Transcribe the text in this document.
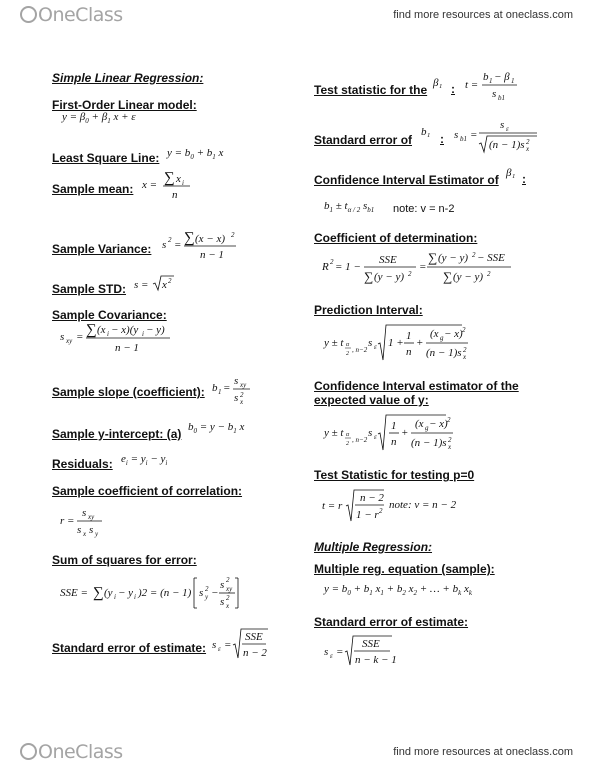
OneClass	find more resources at oneclass.com
Simple Linear Regression:
First-Order Linear model:
$y = \beta_0 + \beta_1$ x + ε
Least Square Line: $y = b_0 + b_1$ x
Sample mean: x = ∑ x i
n
Sample Variance: s 2 = ∑ (x − x) 2
n − 1
Sample STD: s = x 2
Sample Covariance:
s xy = ∑ (x i − x)(y i − y)
n − 1
Sample slope (coefficient): b 1 =
s xy
s x
2
Sample y-intercept: (a) $b_0 = y - b_1$ x
Residuals: $e_i = y_i - y_i$
Sample coefficient of correlation:
r =
s xy
s x s y
Sum of squares for error:
SSE = ∑ (y i − y i )2 = (n − 1) s y
2 −
s xy
2
s x
2
Standard error of estimate: s ε =
SSE
n − 2
Test statistic for the β₁ : t =
b 1 − β 1
s b1
Standard error of
b₁ : s b1 =
s ε
(n − 1)s x
2
Confidence Interval Estimator of β₁ :
$b_1 \pm t_{\alpha / 2}$ $s_{b1}$ note: v = n-2
Coefficient of determination:
R 2 = 1 −
SSE
∑ (y − y) 2
=
∑ (y − y) 2 − SSE
∑ (y − y) 2
Prediction Interval:
y ± t α
2 , n−2
s ε 1 +
1
n
+
(x g − x) 2
(n − 1)s x
2
Confidence Interval estimator of the expected value of y:
y ± t α
2 , n−2
s ε
1
n
+
(x g − x) 2
(n − 1)s x
2
Test Statistic for testing p=0
t = r
n − 2
1 − r 2 note: v = n − 2
Multiple Regression:
Multiple reg. equation (sample):
$y = b_0 + b_1$ $x_1 + b_2$ $x_2$ + … + $b_k$ $x_k$
Standard error of estimate:
s ε =
SSE
n − k − 1
OneClass	find more resources at oneclass.com
